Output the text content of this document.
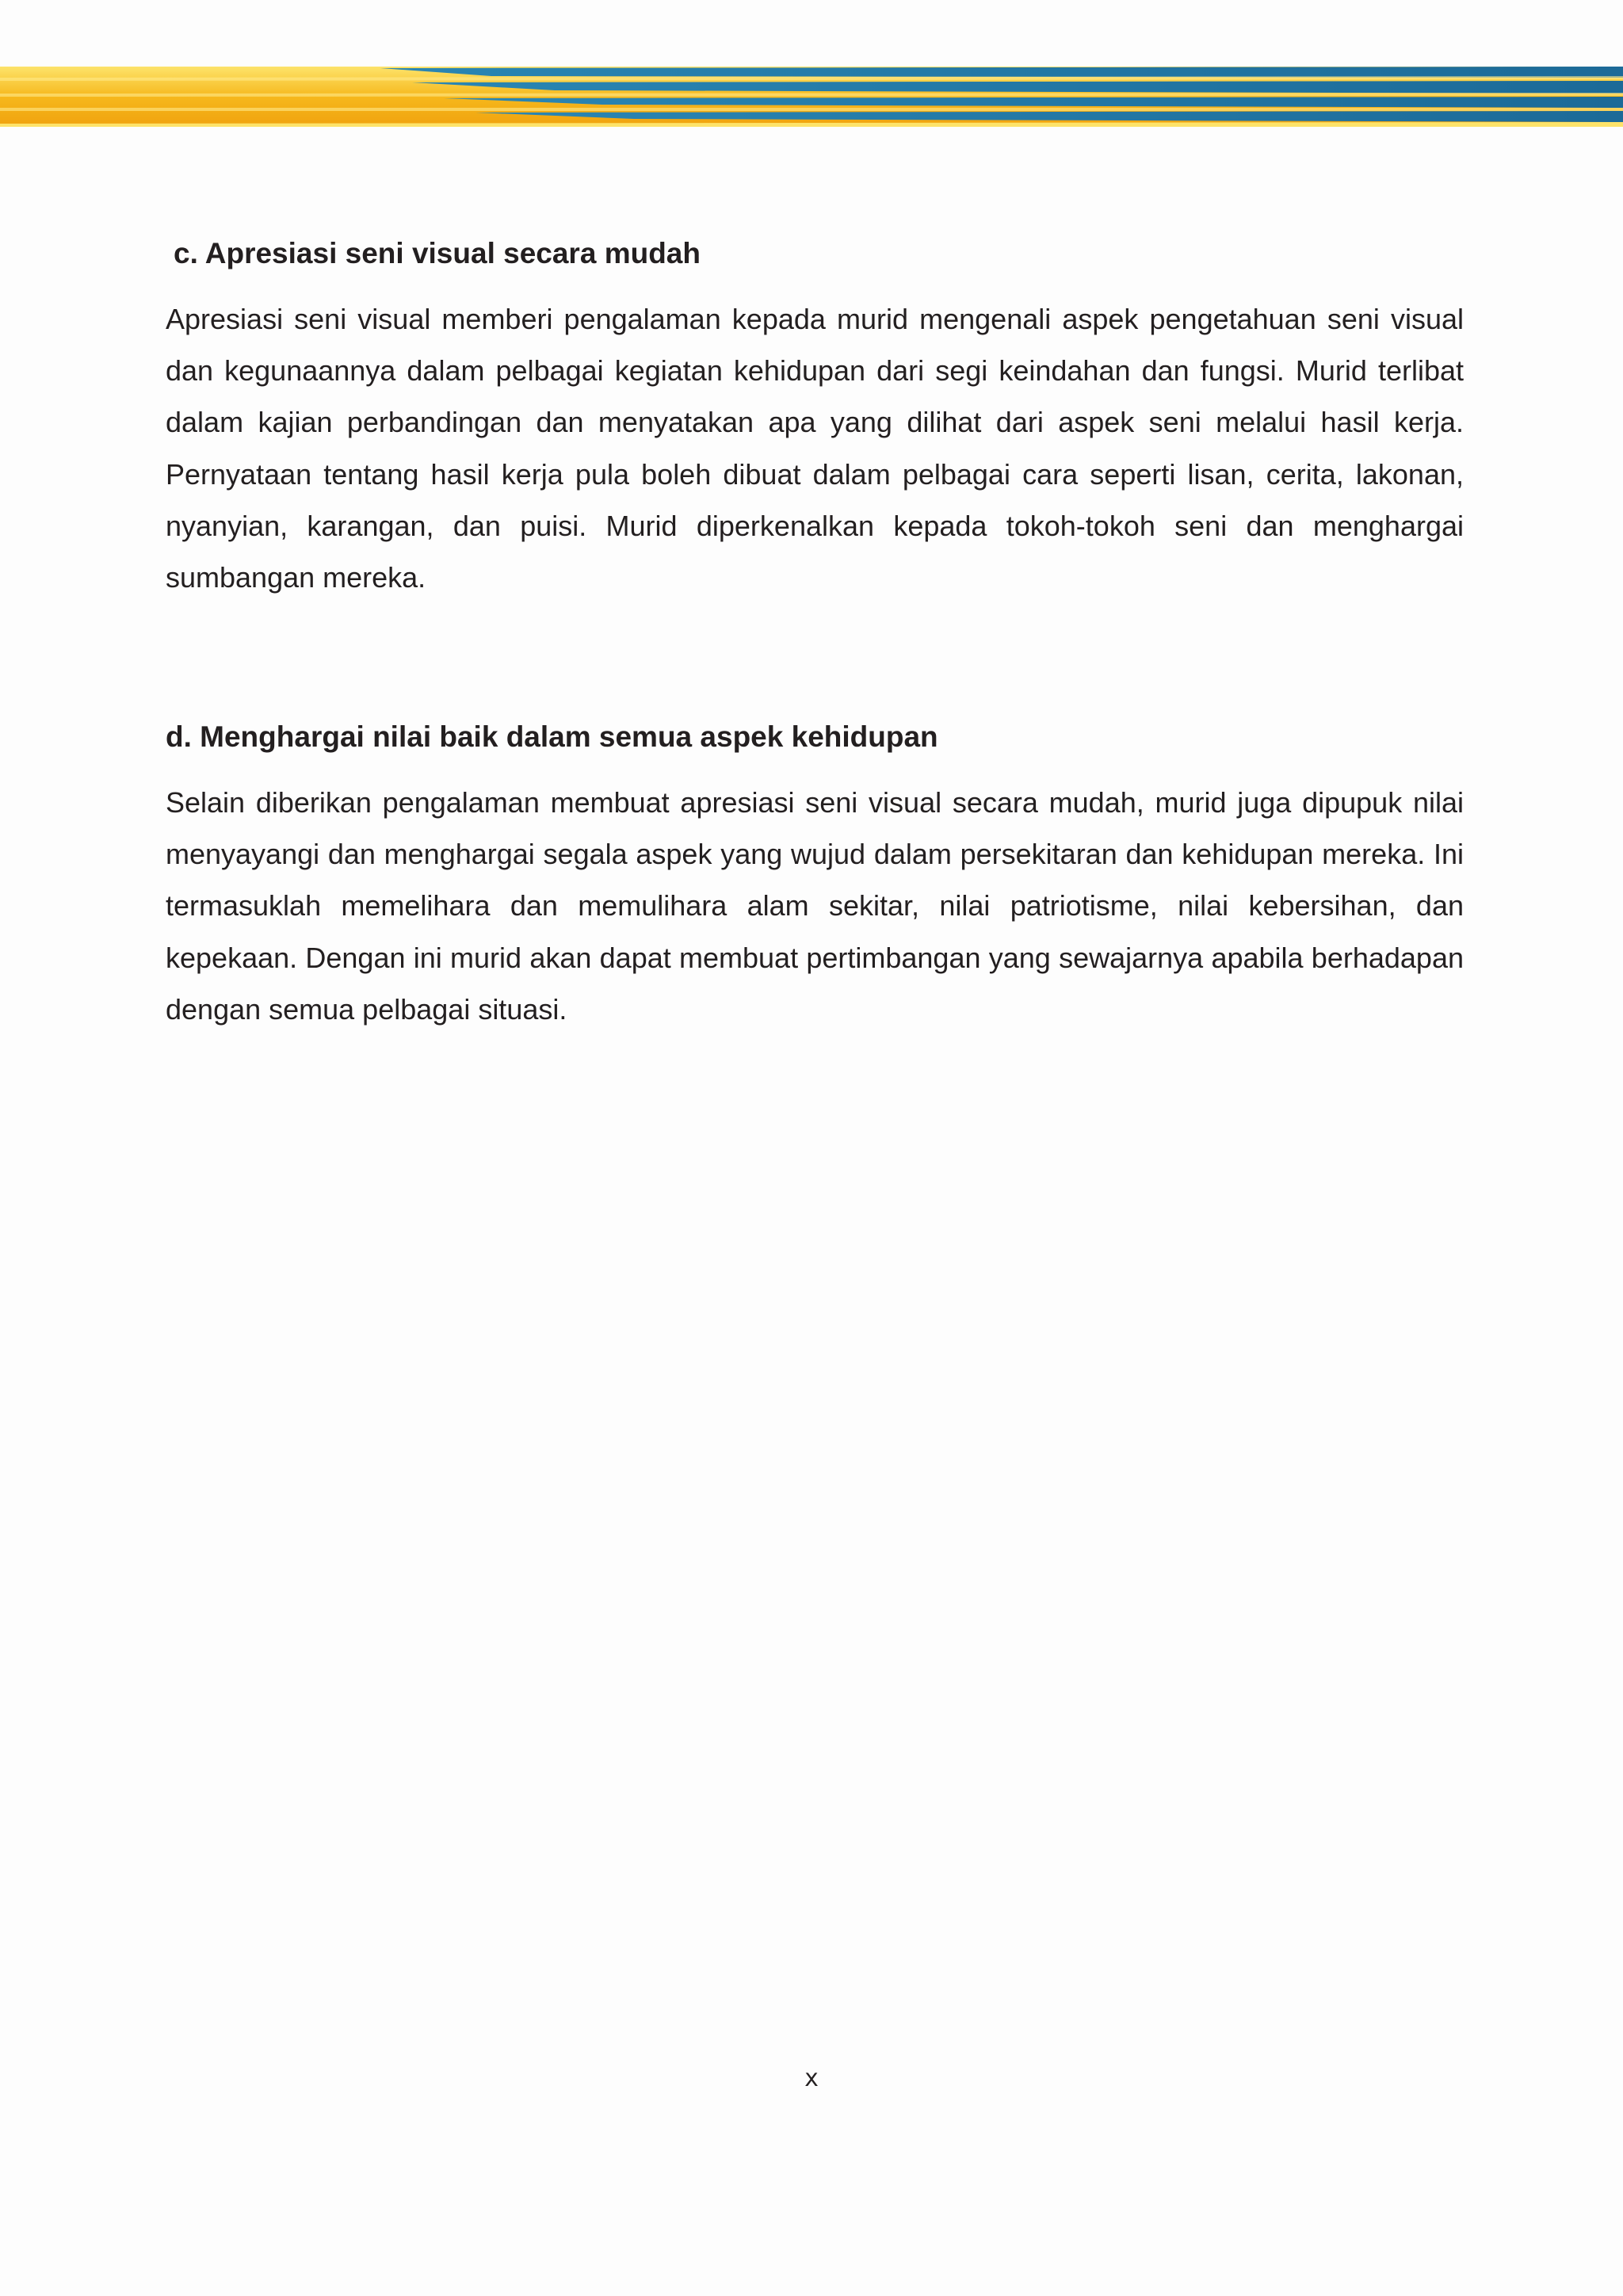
c. Apresiasi seni visual secara mudah

Apresiasi seni visual memberi pengalaman kepada murid mengenali aspek pengetahuan seni visual dan kegunaannya dalam pelbagai kegiatan kehidupan dari segi keindahan dan fungsi. Murid terlibat dalam kajian perbandingan dan menyatakan apa yang dilihat dari aspek seni melalui hasil kerja. Pernyataan tentang hasil kerja pula boleh dibuat dalam pelbagai cara seperti lisan, cerita, lakonan, nyanyian, karangan, dan puisi. Murid diperkenalkan kepada tokoh-tokoh seni dan menghargai sumbangan mereka.

d. Menghargai nilai baik dalam semua aspek kehidupan

Selain diberikan pengalaman membuat apresiasi seni visual secara mudah, murid juga dipupuk nilai menyayangi dan menghargai segala aspek yang wujud dalam persekitaran dan kehidupan mereka. Ini termasuklah memelihara dan memulihara alam sekitar, nilai patriotisme, nilai kebersihan, dan kepekaan. Dengan ini murid akan dapat membuat pertimbangan yang sewajarnya apabila berhadapan dengan semua pelbagai situasi.

x
